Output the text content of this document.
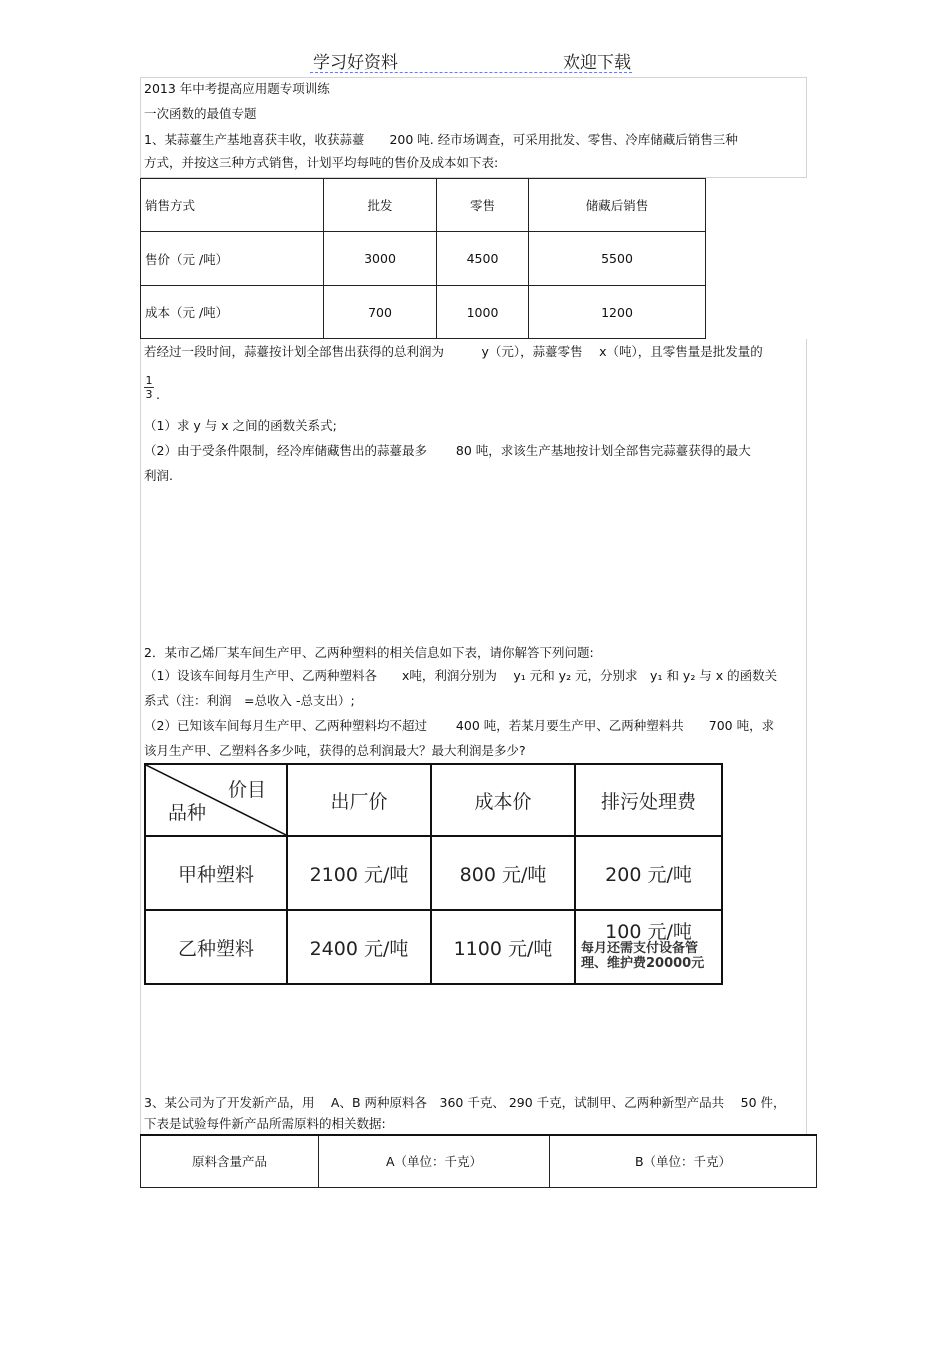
学习好资料	欢迎下载
2013 年中考提高应用题专项训练
一次函数的最值专题
1、某蒜薹生产基地喜获丰收，收获蒜薹　　200 吨. 经市场调查，可采用批发、零售、冷库储藏后销售三种
方式，并按这三种方式销售，计划平均每吨的售价及成本如下表:
销售方式	批发	零售	储藏后销售
售价（元 /吨）	3000	4500	5500
成本（元 /吨）	700	1000	1200
若经过一段时间，蒜薹按计划全部售出获得的总利润为　　　y（元），蒜薹零售　 x（吨），且零售量是批发量的
$\frac{1}{3}$ .
（1）求 y 与 x 之间的函数关系式;
（2）由于受条件限制，经冷库储藏售出的蒜薹最多　　 80 吨，求该生产基地按计划全部售完蒜薹获得的最大
利润.
2．某市乙烯厂某车间生产甲、乙两种塑料的相关信息如下表，请你解答下列问题:
（1）设该车间每月生产甲、乙两种塑料各　　x吨，利润分别为　 y₁ 元和 y₂ 元，分别求　y₁ 和 y₂ 与 x 的函数关
系式（注：利润　=总收入 -总支出）;
（2）已知该车间每月生产甲、乙两种塑料均不超过　　 400 吨，若某月要生产甲、乙两种塑料共　　700 吨，求
该月生产甲、乙塑料各多少吨，获得的总利润最大？最大利润是多少?
价目
品种	出厂价	成本价	排污处理费
甲种塑料	2100 元/吨	800 元/吨	200 元/吨
乙种塑料	2400 元/吨	1100 元/吨	100 元/吨
每月还需支付设备管理、维护费20000元
3、某公司为了开发新产品，用　 A、B 两种原料各　360 千克、 290 千克，试制甲、乙两种新型产品共　 50 件，
下表是试验每件新产品所需原料的相关数据:
原料含量产品	A（单位：千克）	B（单位：千克）
